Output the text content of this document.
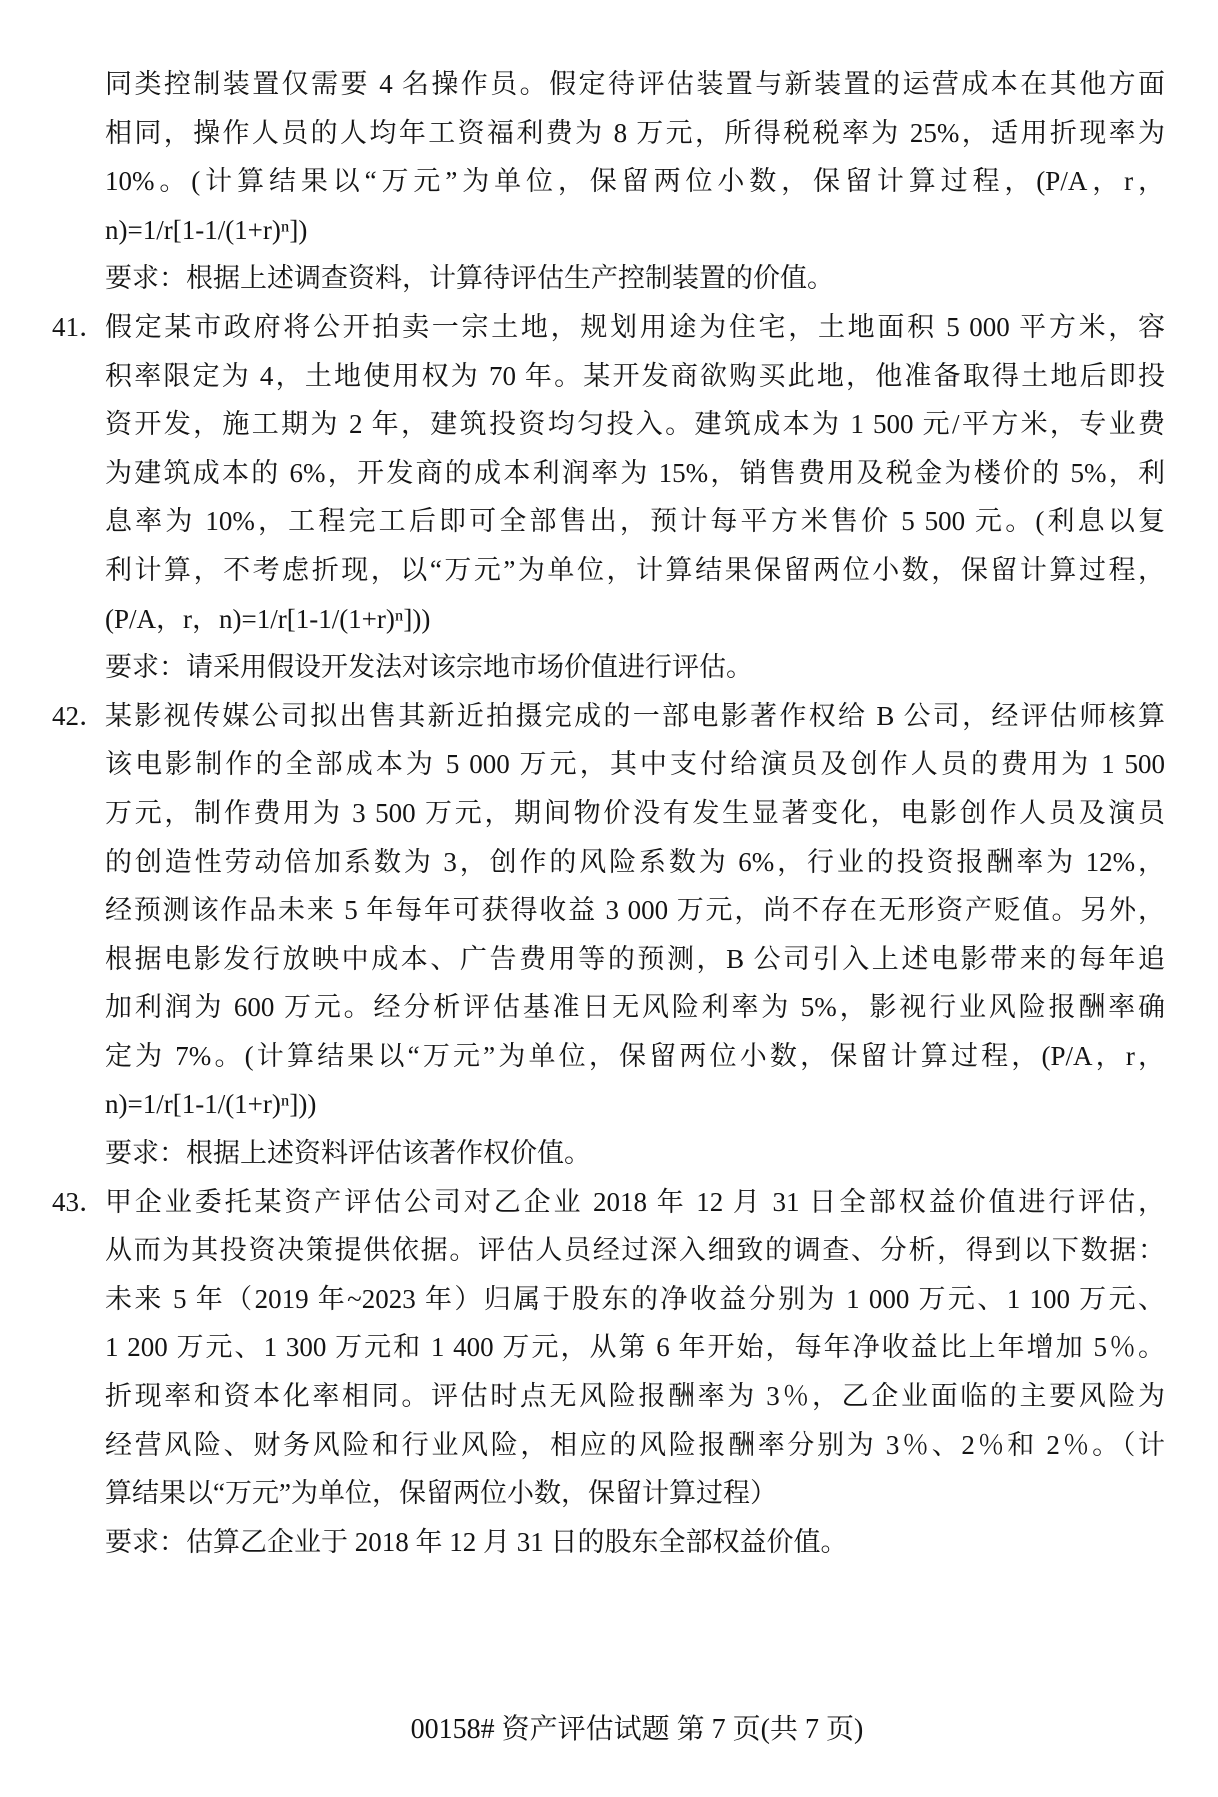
同类控制装置仅需要 4 名操作员。假定待评估装置与新装置的运营成本在其他方面
相同，操作人员的人均年工资福利费为 8 万元，所得税税率为 25%，适用折现率为
10%。(计算结果以“万元”为单位，保留两位小数，保留计算过程，(P/A，r，
n)=1/r[1-1/(1+r)ⁿ])
要求：根据上述调查资料，计算待评估生产控制装置的价值。
41． 假定某市政府将公开拍卖一宗土地，规划用途为住宅，土地面积 5 000 平方米，容
积率限定为 4，土地使用权为 70 年。某开发商欲购买此地，他准备取得土地后即投
资开发，施工期为 2 年，建筑投资均匀投入。建筑成本为 1 500 元/平方米，专业费
为建筑成本的 6%，开发商的成本利润率为 15%，销售费用及税金为楼价的 5%，利
息率为 10%，工程完工后即可全部售出，预计每平方米售价 5 500 元。(利息以复
利计算，不考虑折现，以“万元”为单位，计算结果保留两位小数，保留计算过程，
(P/A，r，n)=1/r[1-1/(1+r)ⁿ]))
要求：请采用假设开发法对该宗地市场价值进行评估。
42． 某影视传媒公司拟出售其新近拍摄完成的一部电影著作权给 B 公司，经评估师核算
该电影制作的全部成本为 5 000 万元，其中支付给演员及创作人员的费用为 1 500
万元，制作费用为 3 500 万元，期间物价没有发生显著变化，电影创作人员及演员
的创造性劳动倍加系数为 3，创作的风险系数为 6%，行业的投资报酬率为 12%，
经预测该作品未来 5 年每年可获得收益 3 000 万元，尚不存在无形资产贬值。另外，
根据电影发行放映中成本、广告费用等的预测，B 公司引入上述电影带来的每年追
加利润为 600 万元。经分析评估基准日无风险利率为 5%，影视行业风险报酬率确
定为 7%。(计算结果以“万元”为单位，保留两位小数，保留计算过程，(P/A，r，
n)=1/r[1-1/(1+r)ⁿ]))
要求：根据上述资料评估该著作权价值。
43． 甲企业委托某资产评估公司对乙企业 2018 年 12 月 31 日全部权益价值进行评估，
从而为其投资决策提供依据。评估人员经过深入细致的调查、分析，得到以下数据：
未来 5 年（2019 年~2023 年）归属于股东的净收益分别为 1 000 万元、1 100 万元、
1 200 万元、1 300 万元和 1 400 万元，从第 6 年开始，每年净收益比上年增加 5％。
折现率和资本化率相同。评估时点无风险报酬率为 3％，乙企业面临的主要风险为
经营风险、财务风险和行业风险，相应的风险报酬率分别为 3％、2％和 2％。（计
算结果以“万元”为单位，保留两位小数，保留计算过程）
要求：估算乙企业于 2018 年 12 月 31 日的股东全部权益价值。
00158# 资产评估试题 第 7 页(共 7 页)
